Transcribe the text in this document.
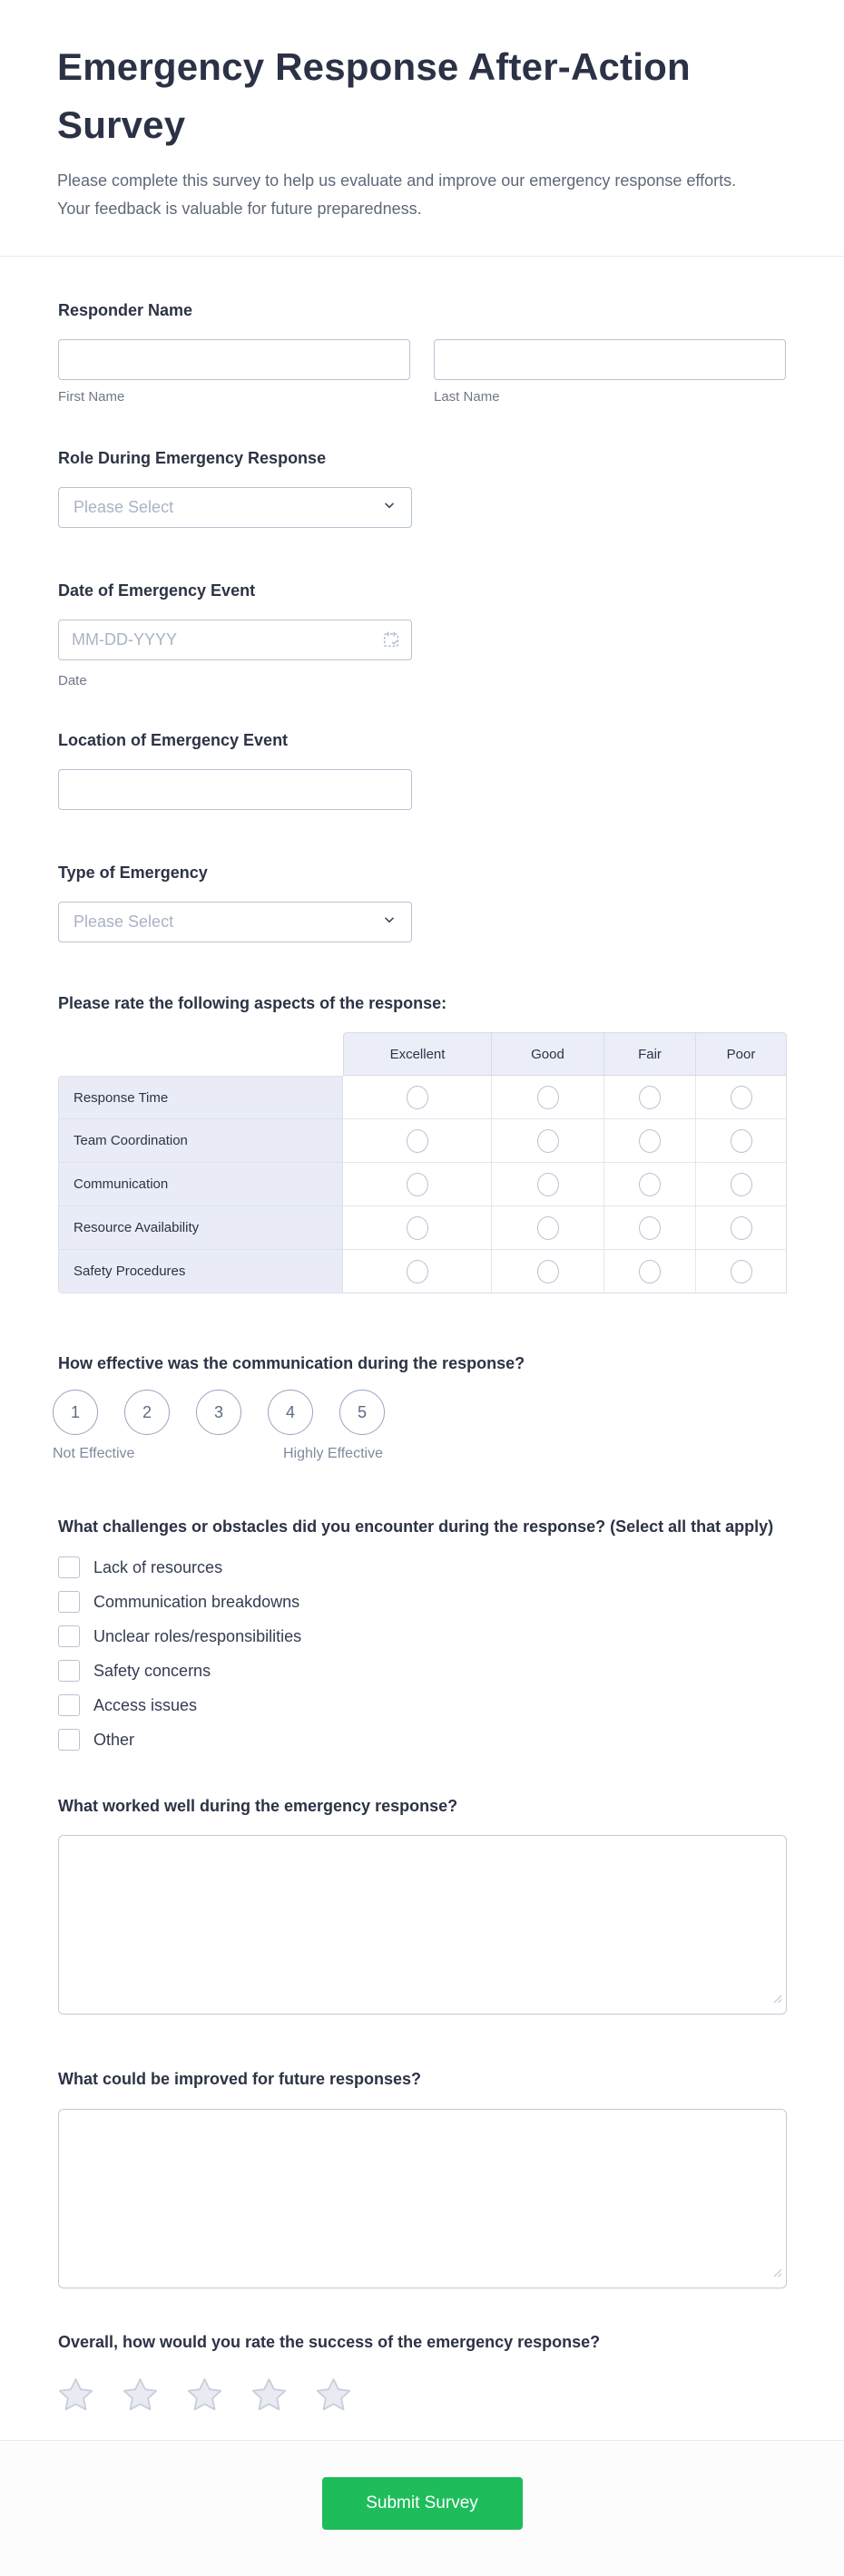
Emergency Response After-Action Survey

Please complete this survey to help us evaluate and improve our emergency response efforts. Your feedback is valuable for future preparedness.

Responder Name
First Name	Last Name
Role During Emergency Response
Please Select
Date of Emergency Event
MM-DD-YYYY
Date
Location of Emergency Event
Type of Emergency
Please Select
Please rate the following aspects of the response:
Excellent	Good	Fair	Poor
Response Time
Team Coordination
Communication
Resource Availability
Safety Procedures
How effective was the communication during the response?
1	2	3	4	5
Not Effective	Highly Effective
What challenges or obstacles did you encounter during the response? (Select all that apply)
Lack of resources
Communication breakdowns
Unclear roles/responsibilities
Safety concerns
Access issues
Other
What worked well during the emergency response?
What could be improved for future responses?
Overall, how would you rate the success of the emergency response?
Submit Survey
